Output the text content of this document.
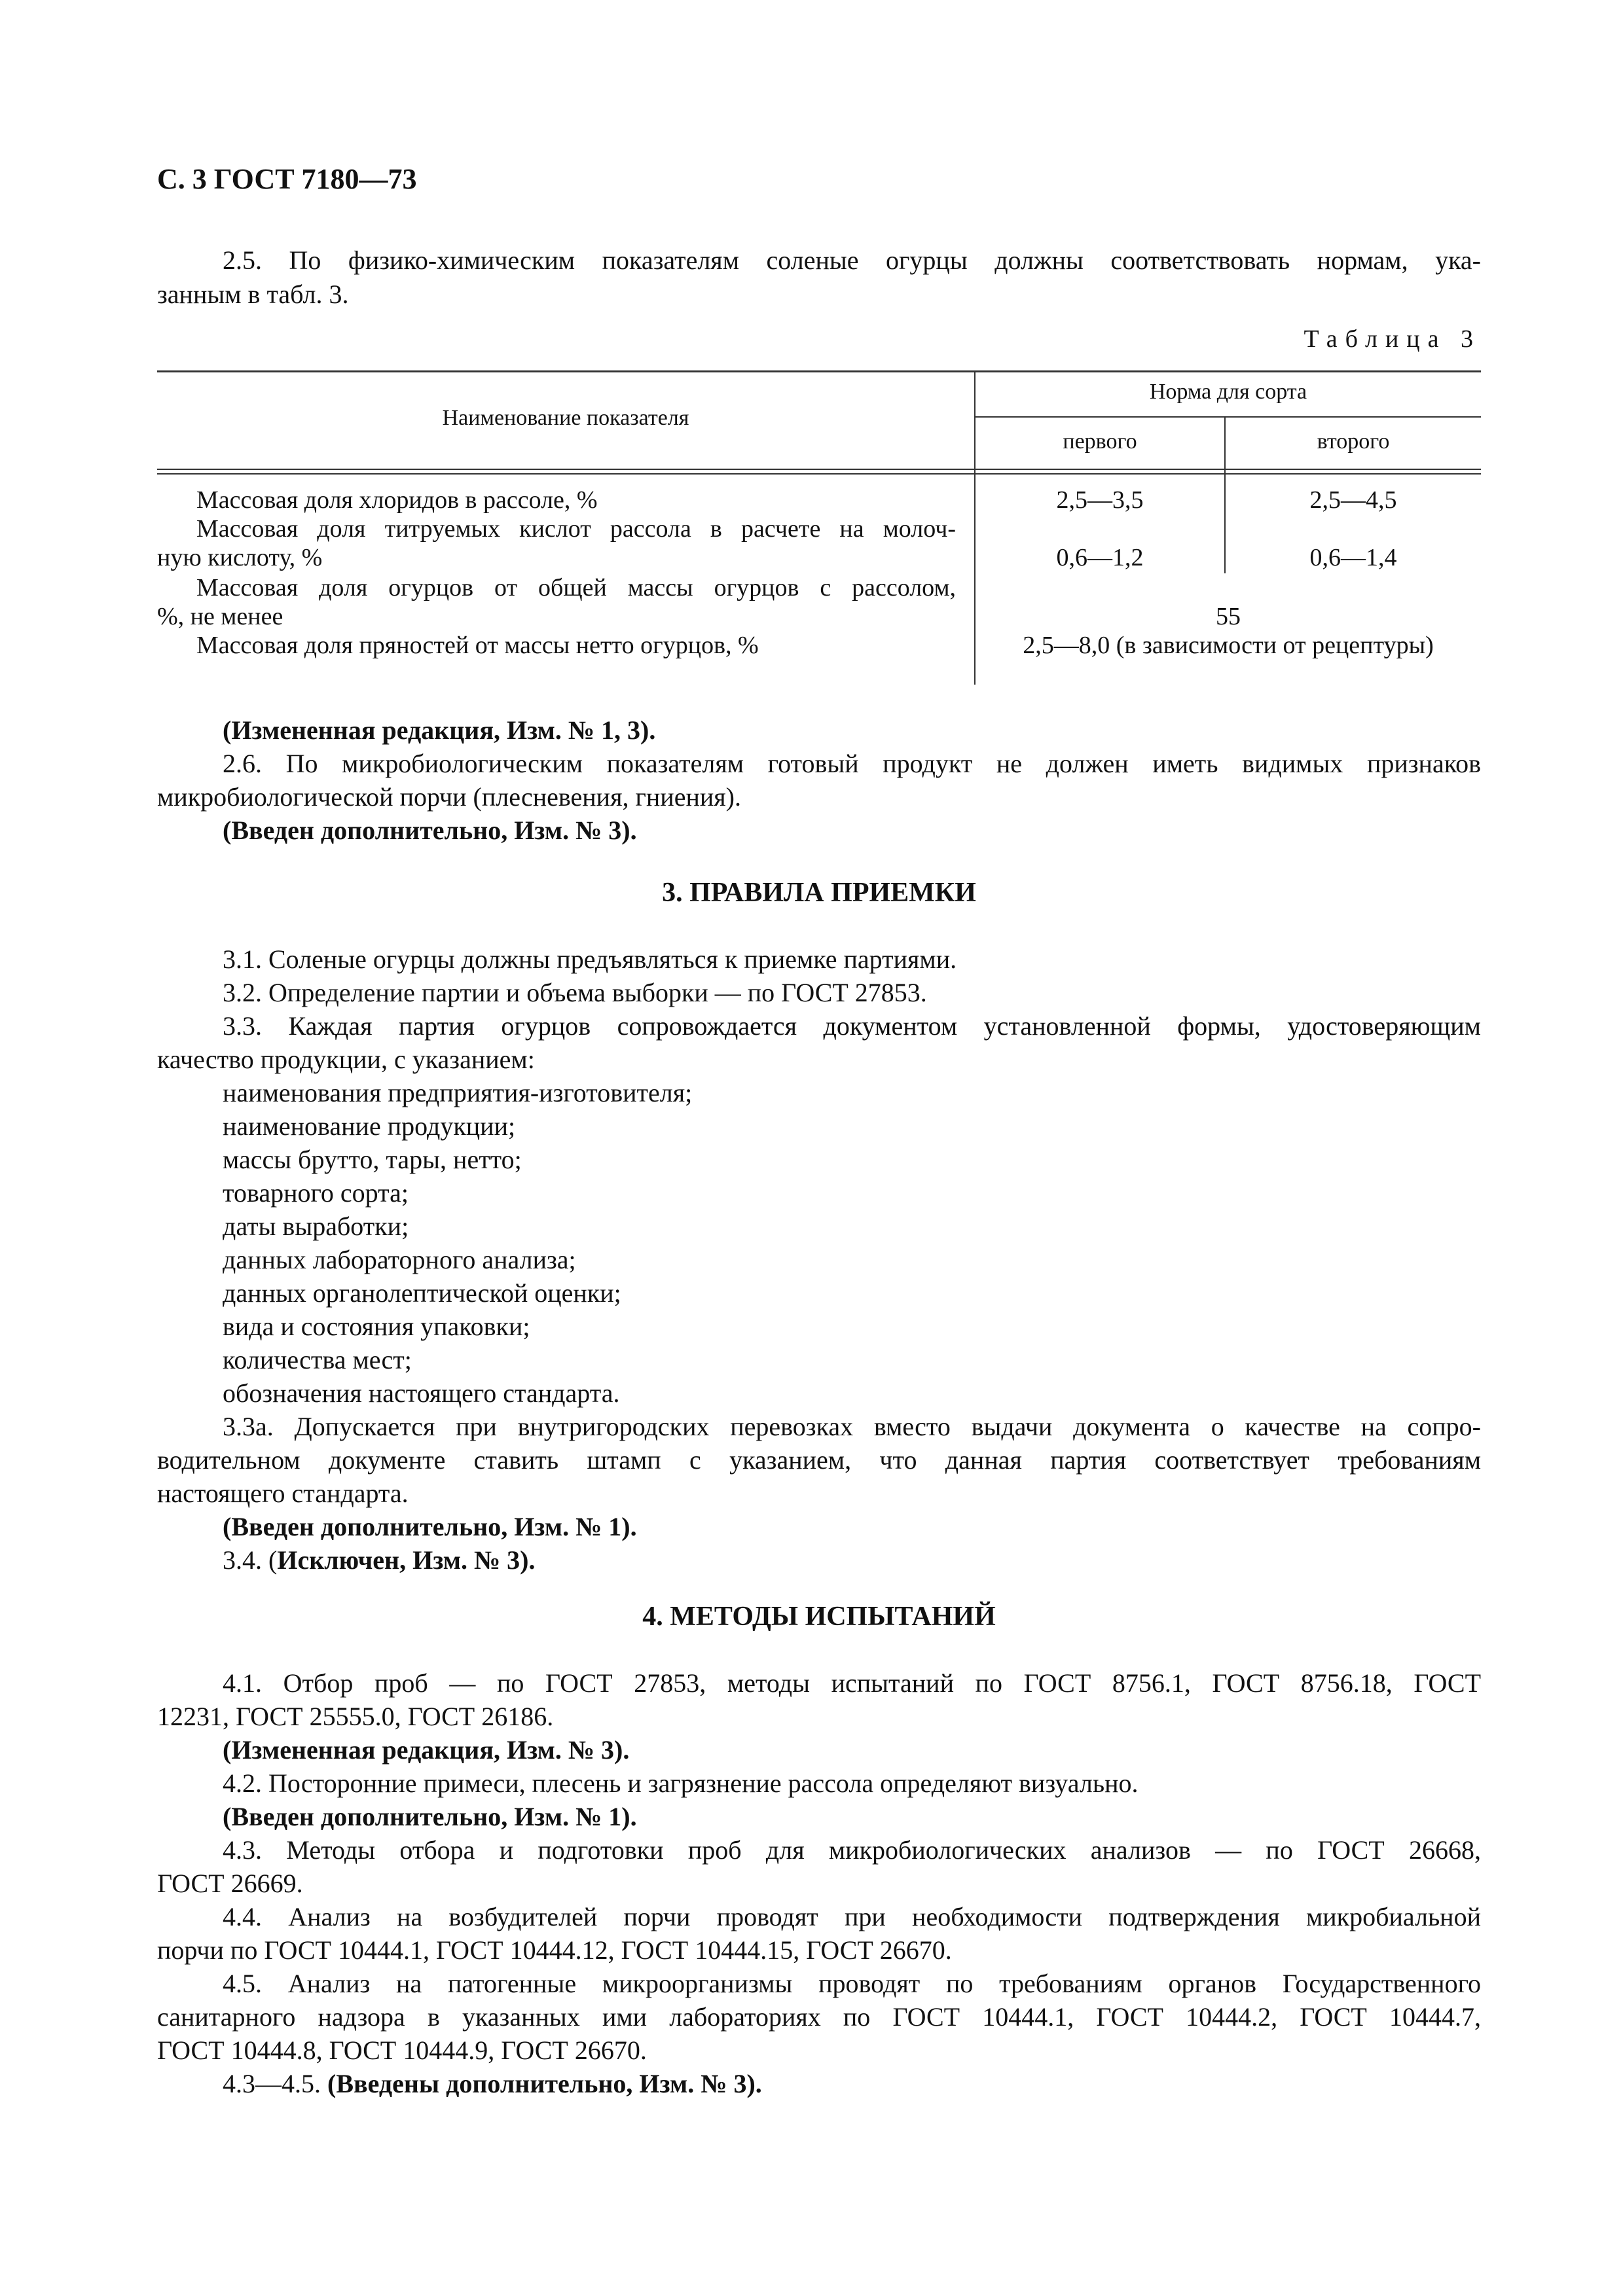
С. 3 ГОСТ 7180—73

2.5. По физико-химическим показателям соленые огурцы должны соответствовать нормам, ука-

занным в табл. 3.

Таблица 3

Наименование показателя
Норма для сорта
первого	второго
Массовая доля хлоридов в рассоле, %	2,5—3,5	2,5—4,5
Массовая доля титруемых кислот рассола в расчете на молоч-
ную кислоту, %	0,6—1,2	0,6—1,4
Массовая доля огурцов от общей массы огурцов с рассолом,
%, не менее	55
Массовая доля пряностей от массы нетто огурцов, %	2,5—8,0 (в зависимости от рецептуры)

(Измененная редакция, Изм. № 1, 3).

2.6. По микробиологическим показателям готовый продукт не должен иметь видимых признаков

микробиологической порчи (плесневения, гниения).

(Введен дополнительно, Изм. № 3).

3. ПРАВИЛА ПРИЕМКИ

3.1. Соленые огурцы должны предъявляться к приемке партиями.

3.2. Определение партии и объема выборки — по ГОСТ 27853.

3.3. Каждая партия огурцов сопровождается документом установленной формы, удостоверяющим

качество продукции, с указанием:

наименования предприятия-изготовителя;

наименование продукции;

массы брутто, тары, нетто;

товарного сорта;

даты выработки;

данных лабораторного анализа;

данных органолептической оценки;

вида и состояния упаковки;

количества мест;

обозначения настоящего стандарта.

3.3а. Допускается при внутригородских перевозках вместо выдачи документа о качестве на сопро-

водительном документе ставить штамп с указанием, что данная партия соответствует требованиям

настоящего стандарта.

(Введен дополнительно, Изм. № 1).

3.4. (Исключен, Изм. № 3).

4. МЕТОДЫ ИСПЫТАНИЙ

4.1. Отбор проб — по ГОСТ 27853, методы испытаний по ГОСТ 8756.1, ГОСТ 8756.18, ГОСТ

12231, ГОСТ 25555.0, ГОСТ 26186.

(Измененная редакция, Изм. № 3).

4.2. Посторонние примеси, плесень и загрязнение рассола определяют визуально.

(Введен дополнительно, Изм. № 1).

4.3. Методы отбора и подготовки проб для микробиологических анализов — по ГОСТ 26668,

ГОСТ 26669.

4.4. Анализ на возбудителей порчи проводят при необходимости подтверждения микробиальной

порчи по ГОСТ 10444.1, ГОСТ 10444.12, ГОСТ 10444.15, ГОСТ 26670.

4.5. Анализ на патогенные микроорганизмы проводят по требованиям органов Государственного

санитарного надзора в указанных ими лабораториях по ГОСТ 10444.1, ГОСТ 10444.2, ГОСТ 10444.7,

ГОСТ 10444.8, ГОСТ 10444.9, ГОСТ 26670.

4.3—4.5. (Введены дополнительно, Изм. № 3).
